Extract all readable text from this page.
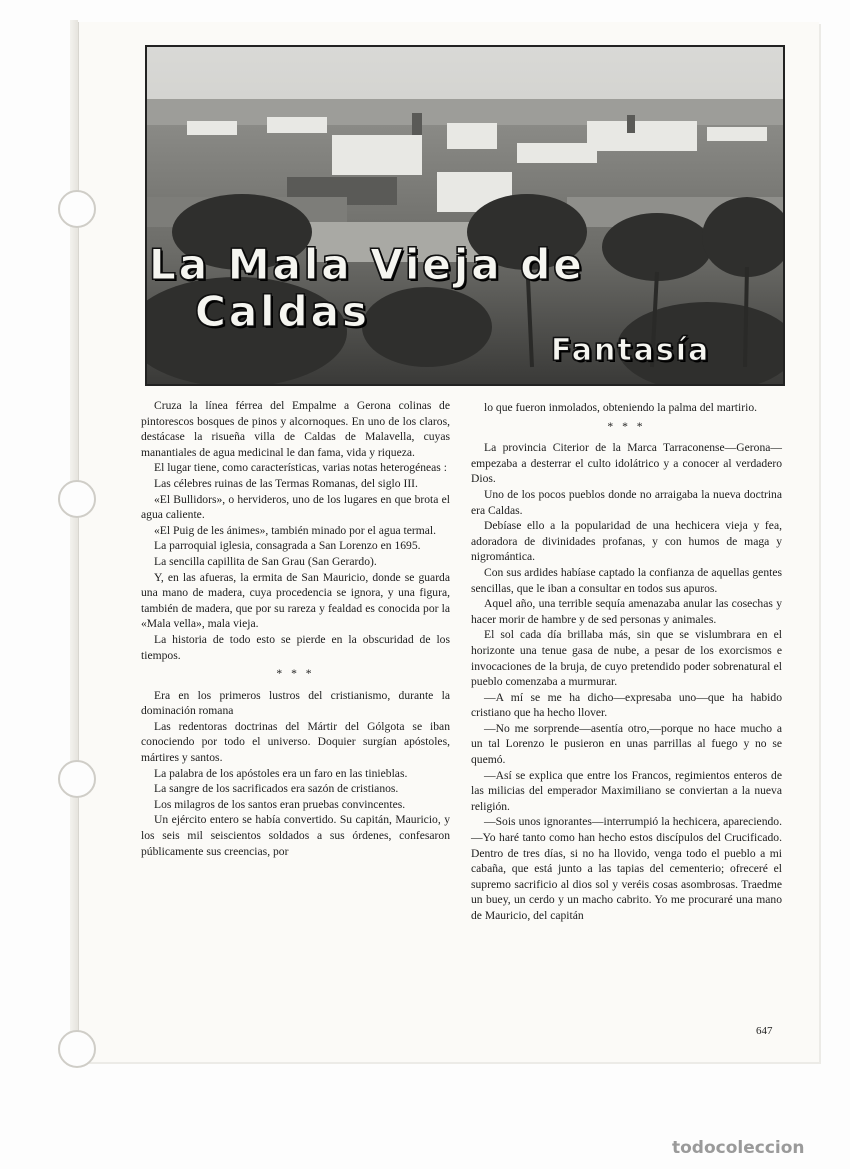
La Mala Vieja de
Caldas
Fantasía

Cruza la línea férrea del Empalme a Gerona colinas de pintorescos bosques de pinos y alcornoques. En uno de los claros, destácase la risueña villa de Caldas de Malavella, cuyas manantiales de agua medicinal le dan fama, vida y riqueza.

El lugar tiene, como características, varias notas heterogéneas :

Las célebres ruinas de las Termas Romanas, del siglo III.

«El Bullidors», o hervideros, uno de los lugares en que brota el agua caliente.

«El Puig de les ánimes», también minado por el agua termal.

La parroquial iglesia, consagrada a San Lorenzo en 1695.

La sencilla capillita de San Grau (San Gerardo).

Y, en las afueras, la ermita de San Mauricio, donde se guarda una mano de madera, cuya procedencia se ignora, y una figura, también de madera, que por su rareza y fealdad es conocida por la «Mala vella», mala vieja.

La historia de todo esto se pierde en la obscuridad de los tiempos.

* * *

Era en los primeros lustros del cristianismo, durante la dominación romana

Las redentoras doctrinas del Mártir del Gólgota se iban conociendo por todo el universo. Doquier surgían apóstoles, mártires y santos.

La palabra de los apóstoles era un faro en las tinieblas.

La sangre de los sacrificados era sazón de cristianos.

Los milagros de los santos eran pruebas convincentes.

Un ejército entero se había convertido. Su capitán, Mauricio, y los seis mil seiscientos soldados a sus órdenes, confesaron públicamente sus creencias, por

lo que fueron inmolados, obteniendo la palma del martirio.

* * *

La provincia Citerior de la Marca Tarraconense—Gerona—empezaba a desterrar el culto idolátrico y a conocer al verdadero Dios.

Uno de los pocos pueblos donde no arraigaba la nueva doctrina era Caldas.

Debíase ello a la popularidad de una hechicera vieja y fea, adoradora de divinidades profanas, y con humos de maga y nigromántica.

Con sus ardides habíase captado la confianza de aquellas gentes sencillas, que le iban a consultar en todos sus apuros.

Aquel año, una terrible sequía amenazaba anular las cosechas y hacer morir de hambre y de sed personas y animales.

El sol cada día brillaba más, sin que se vislumbrara en el horizonte una tenue gasa de nube, a pesar de los exorcismos e invocaciones de la bruja, de cuyo pretendido poder sobrenatural el pueblo comenzaba a murmurar.

—A mí se me ha dicho—expresaba uno—que ha habido cristiano que ha hecho llover.

—No me sorprende—asentía otro,—porque no hace mucho a un tal Lorenzo le pusieron en unas parrillas al fuego y no se quemó.

—Así se explica que entre los Francos, regimientos enteros de las milicias del emperador Maximiliano se conviertan a la nueva religión.

—Sois unos ignorantes—interrumpió la hechicera, apareciendo.—Yo haré tanto como han hecho estos discípulos del Crucificado. Dentro de tres días, si no ha llovido, venga todo el pueblo a mi cabaña, que está junto a las tapias del cementerio; ofreceré el supremo sacrificio al dios sol y veréis cosas asombrosas. Traedme un buey, un cerdo y un macho cabrito. Yo me procuraré una mano de Mauricio, del capitán

647
todocoleccion
